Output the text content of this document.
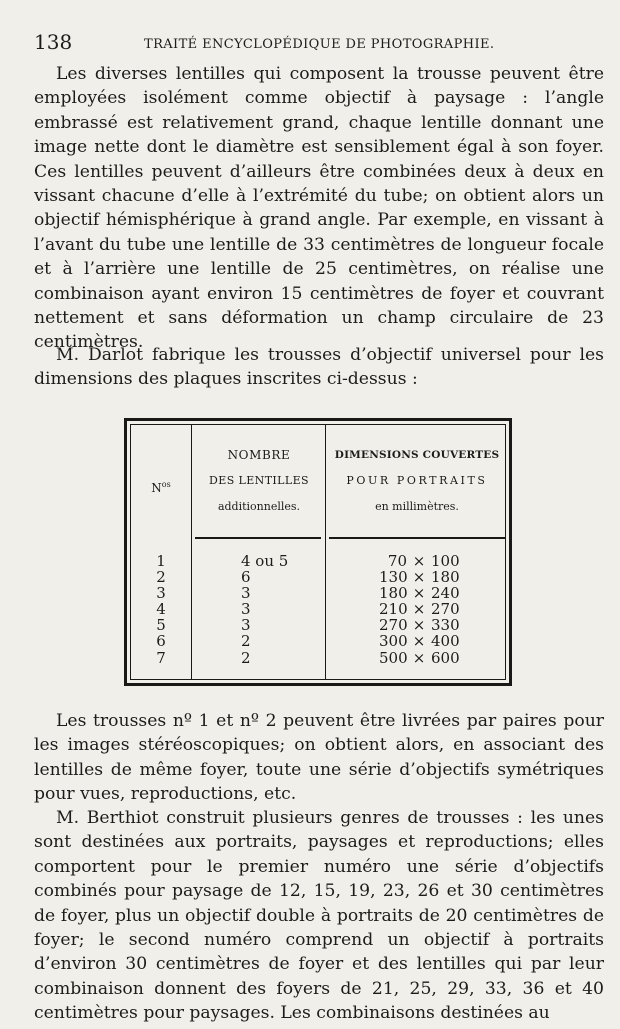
138	TRAITÉ ENCYCLOPÉDIQUE DE PHOTOGRAPHIE.

Les diverses lentilles qui composent la trousse peuvent être employées isolément comme objectif à paysage : l’angle embrassé est relativement grand, chaque lentille donnant une image nette dont le diamètre est sensiblement égal à son foyer. Ces lentilles peuvent d’ailleurs être combinées deux à deux en vissant chacune d’elle à l’extrémité du tube; on obtient alors un objectif hémisphérique à grand angle. Par exemple, en vissant à l’avant du tube une lentille de 33 centimètres de longueur focale et à l’arrière une lentille de 25 centimètres, on réalise une combinaison ayant environ 15 centimètres de foyer et couvrant nettement et sans déformation un champ circulaire de 23 centimètres.

M. Darlot fabrique les trousses d’objectif universel pour les dimensions des plaques inscrites ci-dessus :

$N^{os}$
NOMBRE
DES LENTILLES
additionnelles.
DIMENSIONS COUVERTES
POUR PORTRAITS
en millimètres.
1
2
3
4
5
6
7
4 ou 5
6
3
3
3
2
2
70 × 100
130 × 180
180 × 240
210 × 270
270 × 330
300 × 400
500 × 600

Les trousses nº 1 et nº 2 peuvent être livrées par paires pour les images stéréoscopiques; on obtient alors, en associant des lentilles de même foyer, toute une série d’objectifs symétriques pour vues, reproductions, etc.

M. Berthiot construit plusieurs genres de trousses : les unes sont destinées aux portraits, paysages et reproductions; elles comportent pour le premier numéro une série d’objectifs combinés pour paysage de 12, 15, 19, 23, 26 et 30 centimètres de foyer, plus un objectif double à portraits de 20 centimètres de foyer; le second numéro comprend un objectif à portraits d’environ 30 centimètres de foyer et des lentilles qui par leur combinaison donnent des foyers de 21, 25, 29, 33, 36 et 40 centimètres pour paysages. Les combinaisons destinées au
